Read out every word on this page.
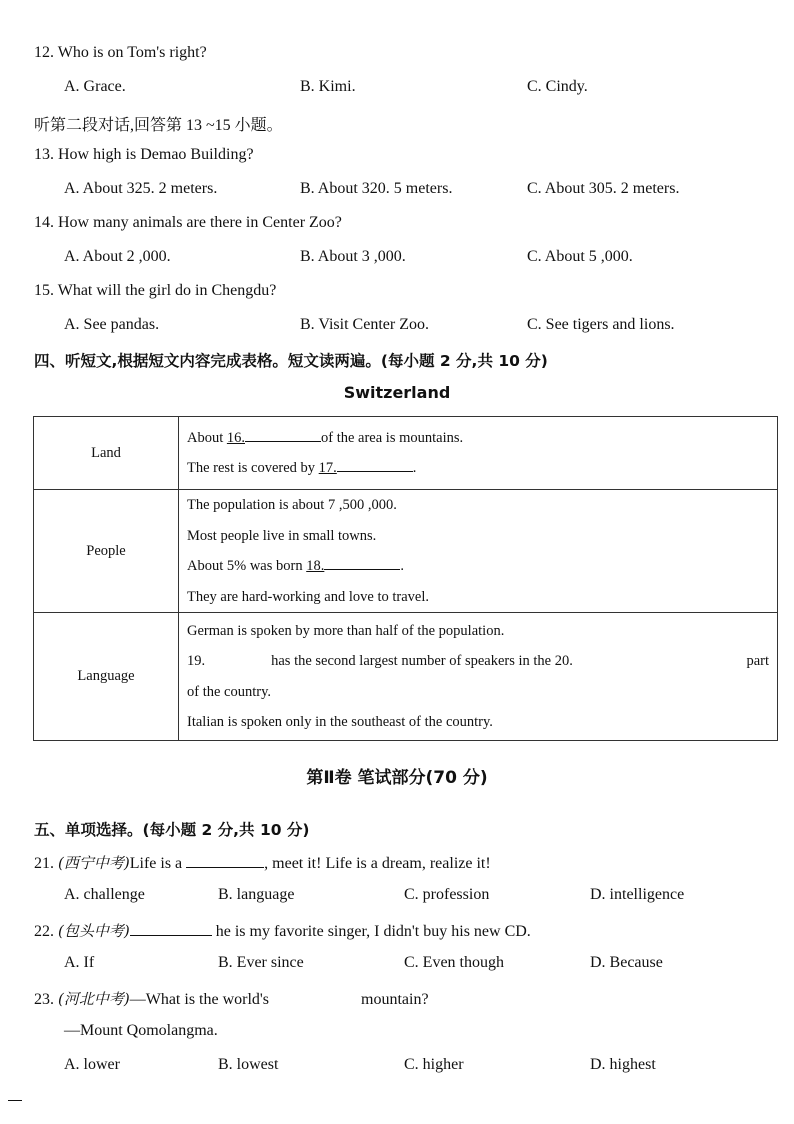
12. Who is on Tom's right?
A. Grace.	B. Kimi.	C. Cindy.
听第二段对话,回答第 13 ~15 小题。
13. How high is Demao Building?
A. About 325. 2 meters.	B. About 320. 5 meters.	C. About 305. 2 meters.
14. How many animals are there in Center Zoo?
A. About 2 ,000.	B. About 3 ,000.	C. About 5 ,000.
15. What will the girl do in Chengdu?
A. See pandas.	B. Visit Center Zoo.	C. See tigers and lions.
四、听短文,根据短文内容完成表格。短文读两遍。(每小题 2 分,共 10 分)
Switzerland
Land	About 16. of the area is mountains.
The rest is covered by 17. .

People	The population is about 7 ,500 ,000.
Most people live in small towns.
About 5% was born 18. .
They are hard-working and love to travel.

Language	German is spoken by more than half of the population.
19. has the second largest number of speakers in the 20. part
of the country.
Italian is spoken only in the southeast of the country.
第Ⅱ卷 笔试部分(70 分)
五、单项选择。(每小题 2 分,共 10 分)
21. (西宁中考)Life is a	, meet it! Life is a dream, realize it!
A. challenge	B. language	C. profession	D. intelligence
22. (包头中考)	he is my favorite singer, I didn't buy his new CD.
A. If	B. Ever since	C. Even though	D. Because
23. (河北中考)—What is the world's	mountain?
—Mount Qomolangma.
A. lower	B. lowest	C. higher	D. highest
